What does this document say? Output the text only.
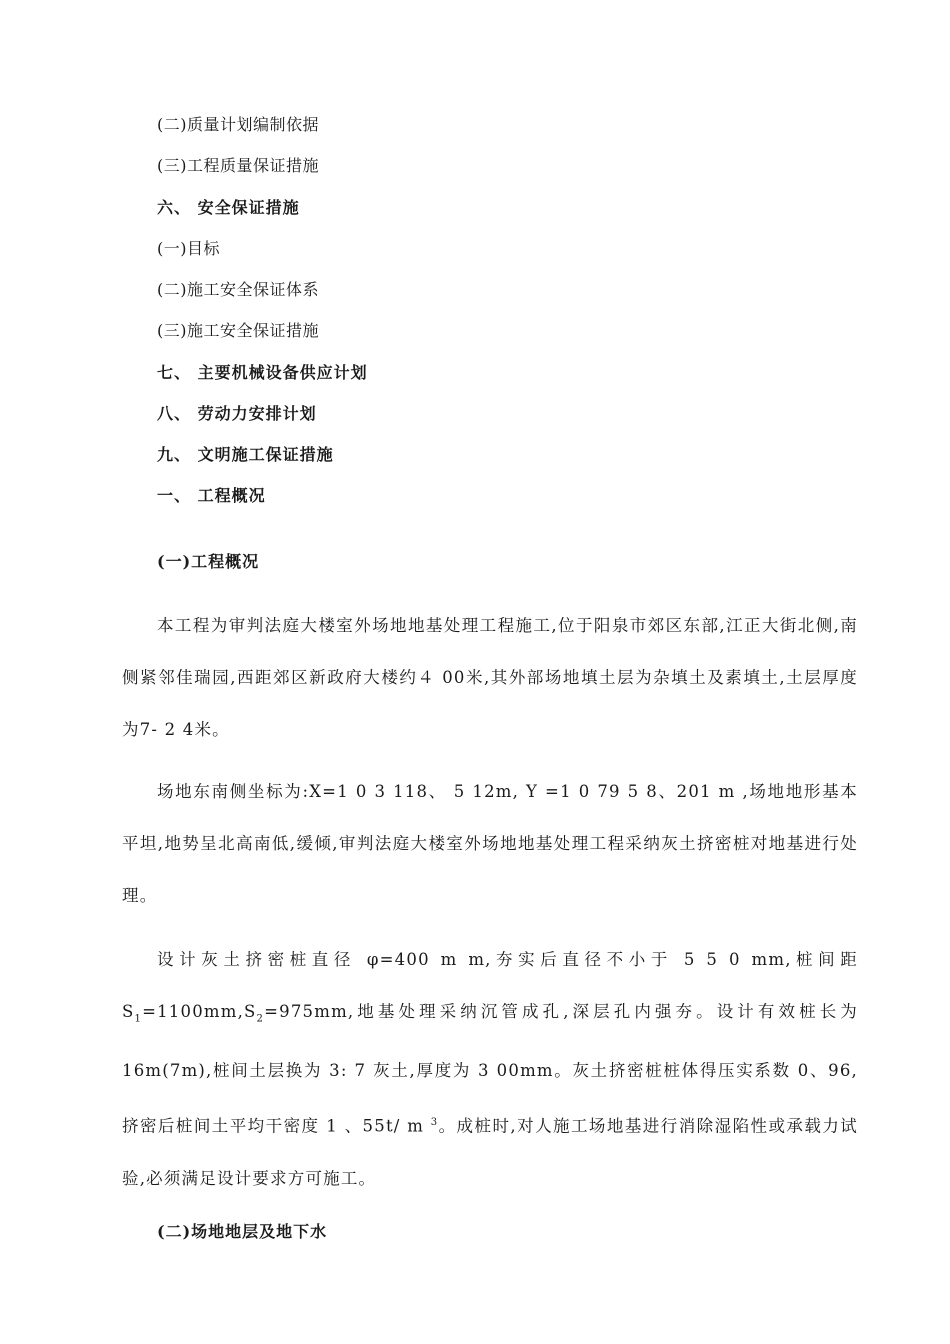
(二)质量计划编制依据
(三)工程质量保证措施
六、 安全保证措施
(一)目标
(二)施工安全保证体系
(三)施工安全保证措施
七、 主要机械设备供应计划
八、 劳动力安排计划
九、 文明施工保证措施
一、 工程概况
(一)工程概况
本工程为审判法庭大楼室外场地地基处理工程施工,位于阳泉市郊区东部,江正大街北侧,南侧紧邻佳瑞园,西距郊区新政府大楼约４ 00米,其外部场地填土层为杂填土及素填土,土层厚度为7- 2 4米。
场地东南侧坐标为:X=1 0 3 118、 5 12m, Y =1 0 79 5 8、201 m ,场地地形基本平坦,地势呈北高南低,缓倾,审判法庭大楼室外场地地基处理工程采纳灰土挤密桩对地基进行处理。
设计灰土挤密桩直径 φ=400 m m,夯实后直径不小于 5 5 0 mm,桩间距 $S_1=1100mm,S_2=975mm$,地基处理采纳沉管成孔,深层孔内强夯。设计有效桩长为 16m(7m),桩间土层换为 3: 7 灰土,厚度为 3 00mm。灰土挤密桩桩体得压实系数 0、96,挤密后桩间土平均干密度 1 、55t/ m $^3$。成桩时,对人施工场地基进行消除湿陷性或承载力试验,必须满足设计要求方可施工。
(二)场地地层及地下水
